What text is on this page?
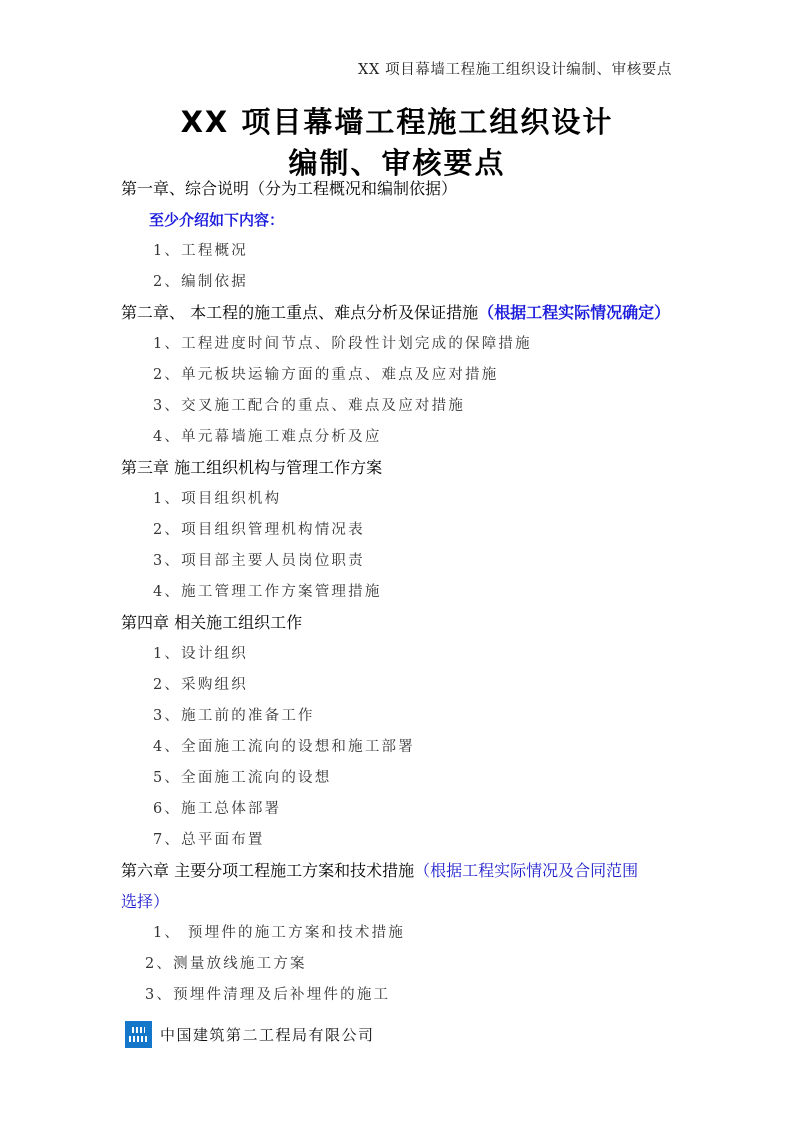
XX 项目幕墙工程施工组织设计编制、审核要点
XX 项目幕墙工程施工组织设计
编制、审核要点
第一章、综合说明（分为工程概况和编制依据）
至少介绍如下内容：
1、工程概况
2、编制依据
第二章、 本工程的施工重点、难点分析及保证措施（根据工程实际情况确定）
1、工程进度时间节点、阶段性计划完成的保障措施
2、单元板块运输方面的重点、难点及应对措施
3、交叉施工配合的重点、难点及应对措施
4、单元幕墙施工难点分析及应
第三章 施工组织机构与管理工作方案
1、项目组织机构
2、项目组织管理机构情况表
3、项目部主要人员岗位职责
4、施工管理工作方案管理措施
第四章 相关施工组织工作
1、设计组织
2、采购组织
3、施工前的准备工作
4、全面施工流向的设想和施工部署
5、全面施工流向的设想
6、施工总体部署
7、总平面布置
第六章 主要分项工程施工方案和技术措施（根据工程实际情况及合同范围
选择）
1、 预埋件的施工方案和技术措施
2、测量放线施工方案
3、预埋件清理及后补埋件的施工
中国建筑第二工程局有限公司
